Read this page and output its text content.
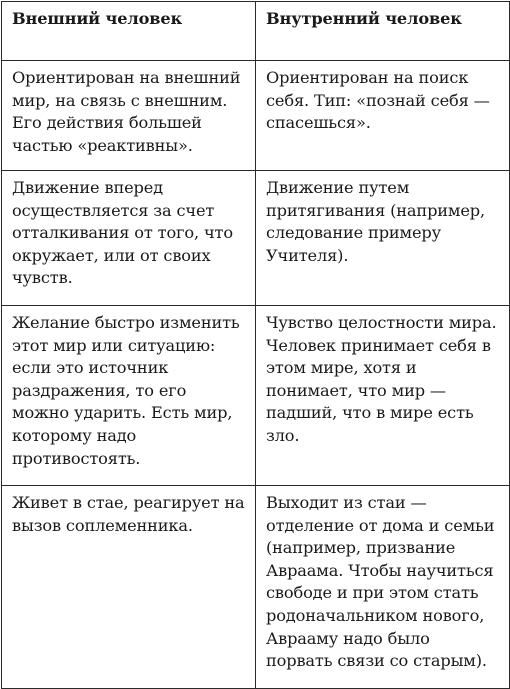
Внешний человек	Внутренний человек
Ориентирован на внешний мир, на связь с внешним. Его действия большей частью «реактивны».	Ориентирован на поиск себя. Тип: «познай себя — спасешься».
Движение вперед осуществляется за счет отталкивания от того, что окружает, или от своих чувств.	Движение путем притягивания (например, следование примеру Учителя).
Желание быстро изменить этот мир или ситуацию: если это источник раздражения, то его можно ударить. Есть мир, которому надо противостоять.	Чувство целостности мира. Человек принимает себя в этом мире, хотя и понимает, что мир — падший, что в мире есть зло.
Живет в стае, реагирует на вызов соплеменника.	Выходит из стаи — отделение от дома и семьи (например, призвание Авраама. Чтобы научиться свободе и при этом стать родоначальником нового, Аврааму надо было порвать связи со старым).
